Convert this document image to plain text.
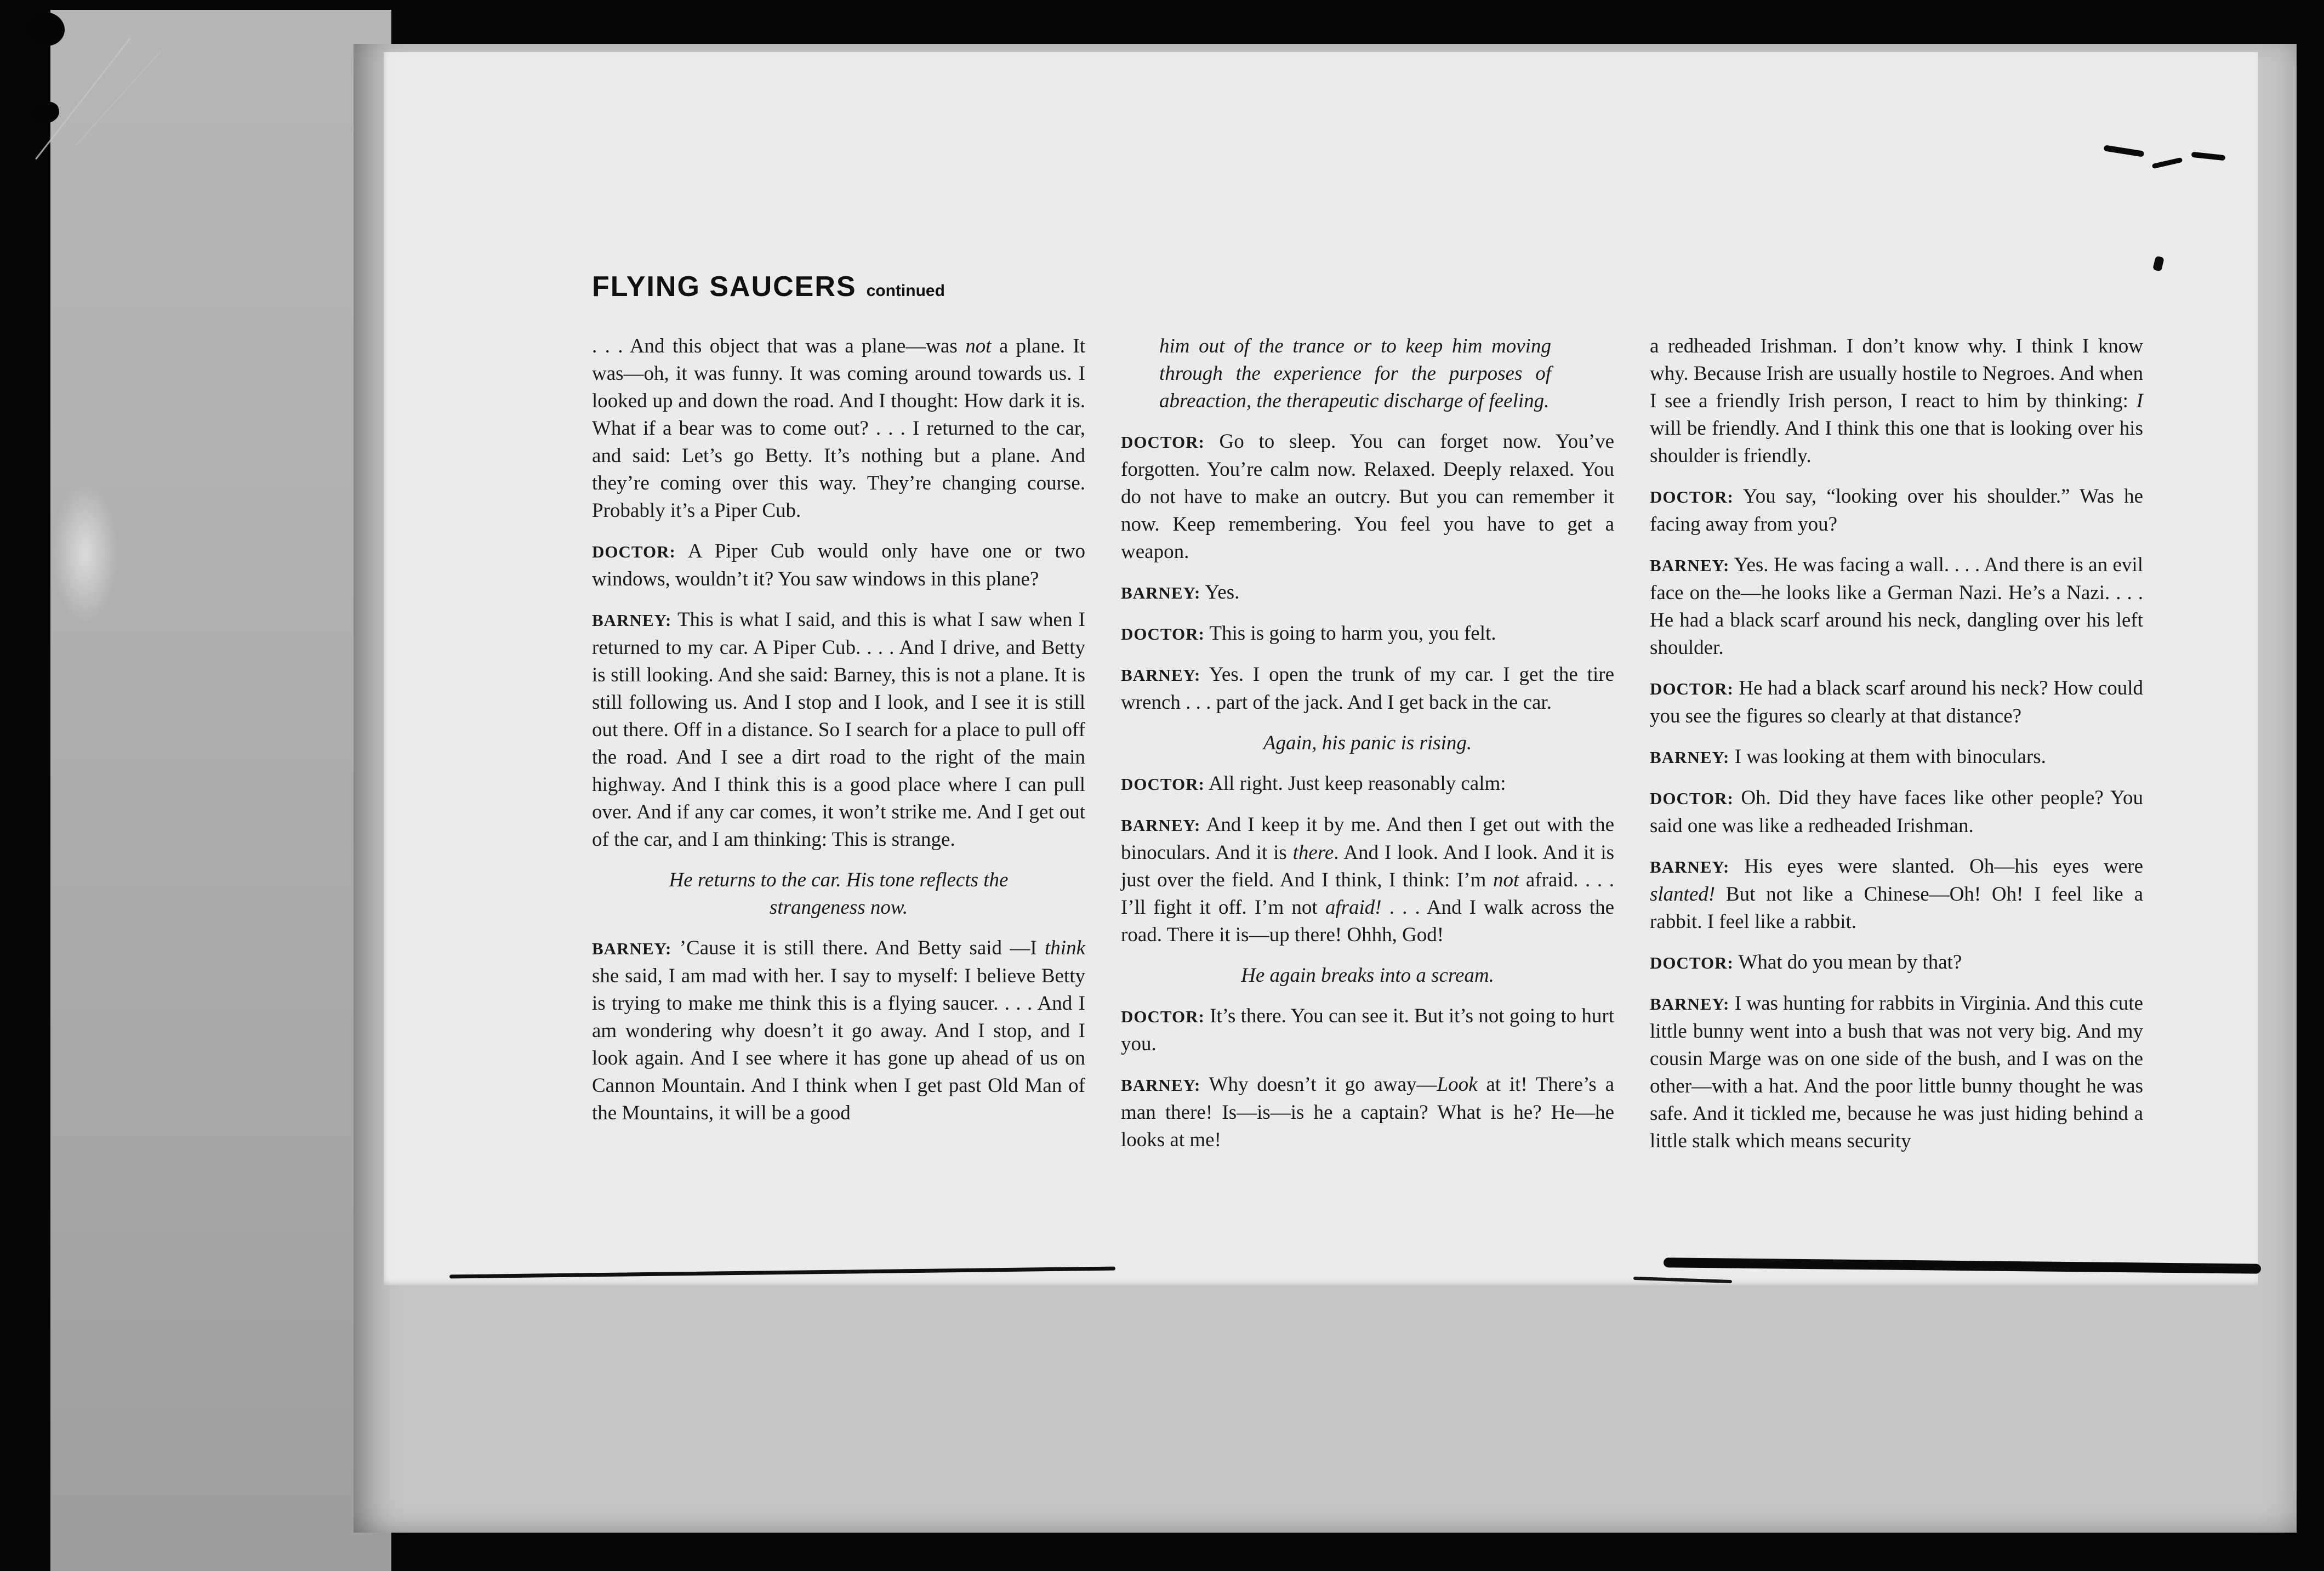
FLYING SAUCERS continued

. . . And this object that was a plane—was not a plane. It was—oh, it was funny. It was coming around towards us. I looked up and down the road. And I thought: How dark it is. What if a bear was to come out? . . . I returned to the car, and said: Let’s go Betty. It’s nothing but a plane. And they’re coming over this way. They’re changing course. Probably it’s a Piper Cub.

DOCTOR: A Piper Cub would only have one or two windows, wouldn’t it? You saw windows in this plane?

BARNEY: This is what I said, and this is what I saw when I returned to my car. A Piper Cub. . . . And I drive, and Betty is still looking. And she said: Barney, this is not a plane. It is still following us. And I stop and I look, and I see it is still out there. Off in a distance. So I search for a place to pull off the road. And I see a dirt road to the right of the main highway. And I think this is a good place where I can pull over. And if any car comes, it won’t strike me. And I get out of the car, and I am thinking: This is strange.

He returns to the car. His tone reflects the strangeness now.

BARNEY: ’Cause it is still there. And Betty said —I think she said, I am mad with her. I say to myself: I believe Betty is trying to make me think this is a flying saucer. . . . And I am wondering why doesn’t it go away. And I stop, and I look again. And I see where it has gone up ahead of us on Cannon Mountain. And I think when I get past Old Man of the Mountains, it will be a good

him out of the trance or to keep him moving through the experience for the purposes of abreaction, the therapeutic discharge of feeling.

DOCTOR: Go to sleep. You can forget now. You’ve forgotten. You’re calm now. Relaxed. Deeply relaxed. You do not have to make an outcry. But you can remember it now. Keep remembering. You feel you have to get a weapon.

BARNEY: Yes.

DOCTOR: This is going to harm you, you felt.

BARNEY: Yes. I open the trunk of my car. I get the tire wrench . . . part of the jack. And I get back in the car.

Again, his panic is rising.

DOCTOR: All right. Just keep reasonably calm:

BARNEY: And I keep it by me. And then I get out with the binoculars. And it is there. And I look. And I look. And it is just over the field. And I think, I think: I’m not afraid. . . . I’ll fight it off. I’m not afraid! . . . And I walk across the road. There it is—up there! Ohhh, God!

He again breaks into a scream.

DOCTOR: It’s there. You can see it. But it’s not going to hurt you.

BARNEY: Why doesn’t it go away—Look at it! There’s a man there! Is—is—is he a captain? What is he? He—he looks at me!

a redheaded Irishman. I don’t know why. I think I know why. Because Irish are usually hostile to Negroes. And when I see a friendly Irish person, I react to him by thinking: I will be friendly. And I think this one that is looking over his shoulder is friendly.

DOCTOR: You say, “looking over his shoulder.” Was he facing away from you?

BARNEY: Yes. He was facing a wall. . . . And there is an evil face on the—he looks like a German Nazi. He’s a Nazi. . . . He had a black scarf around his neck, dangling over his left shoulder.

DOCTOR: He had a black scarf around his neck? How could you see the figures so clearly at that distance?

BARNEY: I was looking at them with binoculars.

DOCTOR: Oh. Did they have faces like other people? You said one was like a redheaded Irishman.

BARNEY: His eyes were slanted. Oh—his eyes were slanted! But not like a Chinese—Oh! Oh! I feel like a rabbit. I feel like a rabbit.

DOCTOR: What do you mean by that?

BARNEY: I was hunting for rabbits in Virginia. And this cute little bunny went into a bush that was not very big. And my cousin Marge was on one side of the bush, and I was on the other—with a hat. And the poor little bunny thought he was safe. And it tickled me, because he was just hiding behind a little stalk which means security
